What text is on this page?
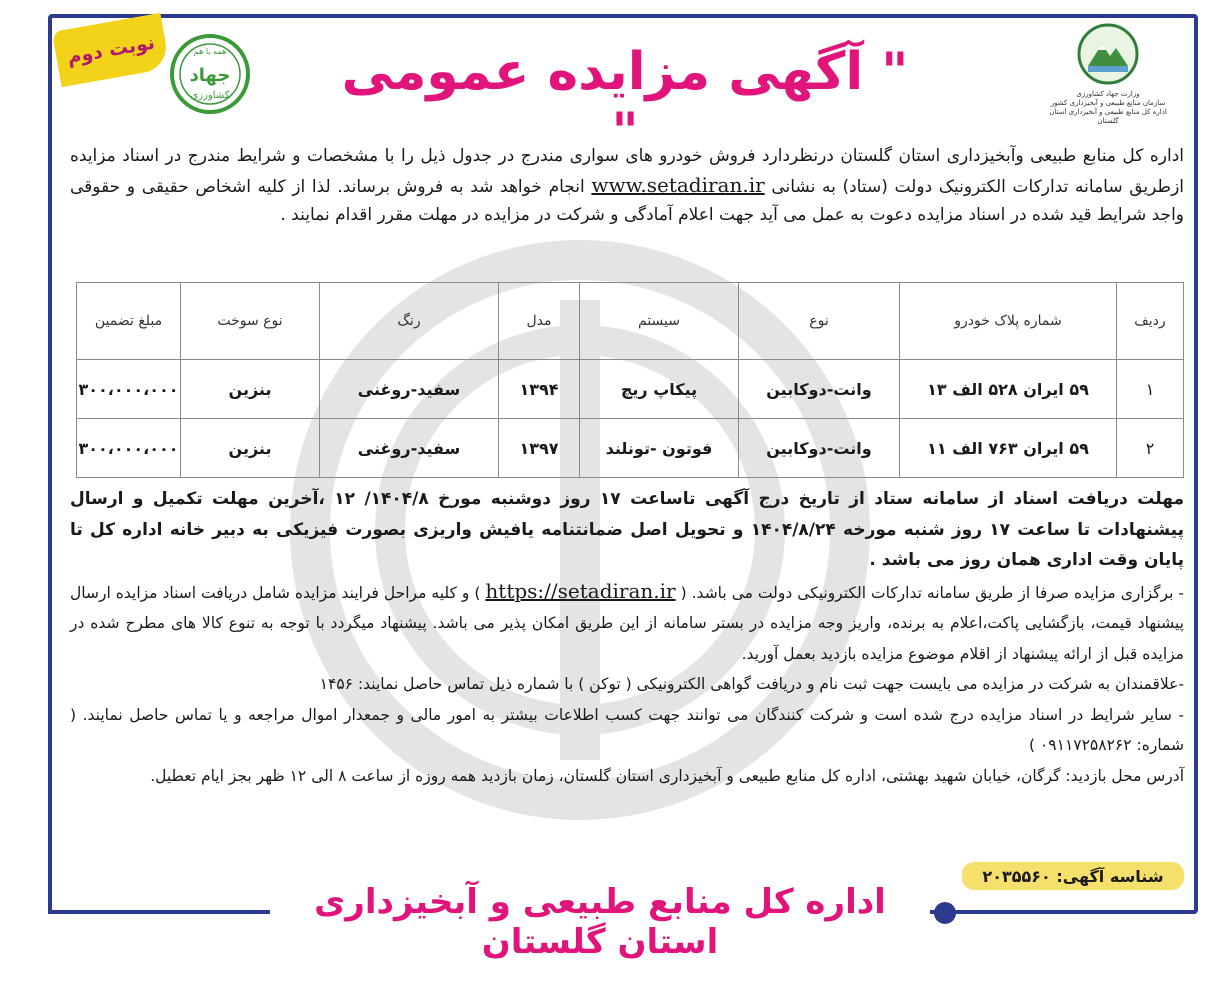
نوبت دوم	همه با هم
جهاد
کشاورزی	وزارت جهاد کشاورزی
سازمان منابع طبیعی و آبخیزداری کشور
اداره کل منابع طبیعی و آبخیزداری استان گلستان
" آگهی مزایده عمومی "
اداره کل منابع طبیعی وآبخیزداری استان گلستان درنظردارد فروش خودرو های سواری مندرج در جدول ذیل را با مشخصات و شرایط مندرج در اسناد مزایده ازطریق سامانه تدارکات الکترونیک دولت (ستاد) به نشانی www.setadiran.ir انجام خواهد شد به فروش برساند. لذا از کلیه اشخاص حقیقی و حقوقی واجد شرایط قید شده در اسناد مزایده دعوت به عمل می آید جهت اعلام آمادگی و شرکت در مزایده در مهلت مقرر اقدام نمایند .
ردیف	شماره پلاک خودرو	نوع	سیستم	مدل	رنگ	نوع سوخت	مبلغ تضمین
۱	۵۹ ایران ۵۲۸ الف ۱۳	وانت-دوکابین	پیکاپ ریچ	۱۳۹۴	سفید-روغنی	بنزین	۳۰۰،۰۰۰،۰۰۰
۲	۵۹ ایران ۷۶۳ الف ۱۱	وانت-دوکابین	فوتون -تونلند	۱۳۹۷	سفید-روغنی	بنزین	۳۰۰،۰۰۰،۰۰۰

مهلت دریافت اسناد از سامانه ستاد از تاریخ درج آگهی تاساعت ۱۷ روز دوشنبه مورخ ۱۴۰۴/۸/ ۱۲ ،آخرین مهلت تکمیل و ارسال پیشنهادات تا ساعت ۱۷ روز شنبه مورخه ۱۴۰۴/۸/۲۴ و تحویل اصل ضمانتنامه یافیش واریزی بصورت فیزیکی به دبیر خانه اداره کل تا پایان وقت اداری همان روز می باشد .

- برگزاری مزایده صرفا از طریق سامانه تدارکات الکترونیکی دولت می باشد. ( https://setadiran.ir ) و کلیه مراحل فرایند مزایده شامل دریافت اسناد مزایده ارسال پیشنهاد قیمت، بازگشایی پاکت،اعلام به برنده، واریز وجه مزایده در بستر سامانه از این طریق امکان پذیر می باشد. پیشنهاد میگردد با توجه به تنوع کالا های مطرح شده در مزایده قبل از ارائه پیشنهاد از اقلام موضوع مزایده بازدید بعمل آورید.

-علاقمندان به شرکت در مزایده می بایست جهت ثبت نام و دریافت گواهی الکترونیکی ( توکن ) با شماره ذیل تماس حاصل نمایند: ۱۴۵۶

- سایر شرایط در اسناد مزایده درج شده است و شرکت کنندگان می توانند جهت کسب اطلاعات بیشتر به امور مالی و جمعدار اموال مراجعه و یا تماس حاصل نمایند. ( شماره: ۰۹۱۱۷۲۵۸۲۶۲ )

آدرس محل بازدید: گرگان، خیابان شهید بهشتی، اداره کل منابع طبیعی و آبخیزداری استان گلستان، زمان بازدید همه روزه از ساعت ۸ الی ۱۲ ظهر بجز ایام تعطیل.

شناسه آگهی: ۲۰۳۵۵۶۰
اداره کل منابع طبیعی و آبخیزداری استان گلستان
